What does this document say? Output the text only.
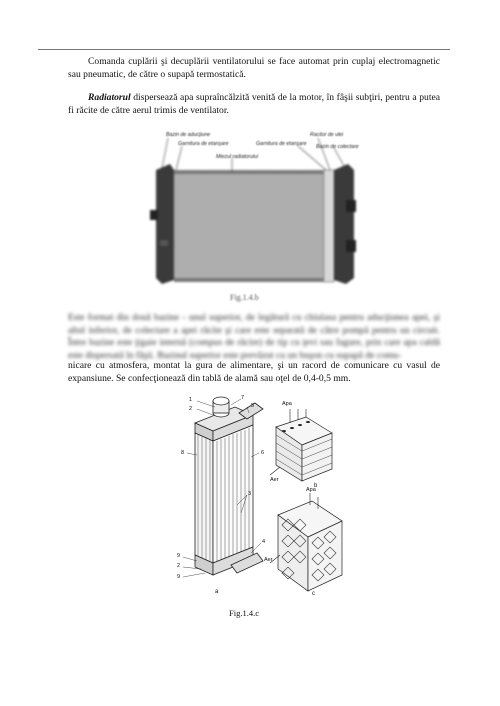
Comanda cuplării şi decuplării ventilatorului se face automat prin cuplaj electromagnetic sau pneumatic, de către o supapă termostatică.

Radiatorul dispersează apa supraîncălzită venită de la motor, în fâşii subţiri, pentru a putea fi răcite de către aerul trimis de ventilator.

Bazin de aducţiune
Garnitura de etanşare
Miezul radiatorului
Garnitura de etanşare
Racitor de ulei
Bazin de colectare
Fig.1.4.b

Este format din două bazine - unul superior, de legătură cu chiulasa pentru aducţiunea apei, şi altul inferior, de colectare a apei răcite şi care este separată de către pompă pentru un circuit. Între bazine este ţigaie internă (compus de răcire) de tip cu ţevi sau fagure, prin care apa caldă este dispersată în fâşii. Bazinul superior este prevăzut cu un buşon cu supapă de comu-

nicare cu atmosfera, montat la gura de alimentare, şi un racord de comunicare cu vasul de expansiune. Se confecţionează din tablă de alamă sau oţel de 0,4-0,5 mm.

1
2
7
5
8	6
3
4
9
2
9
a
Apa
Aer
b
Apa
Aer
c
Fig.1.4.c
